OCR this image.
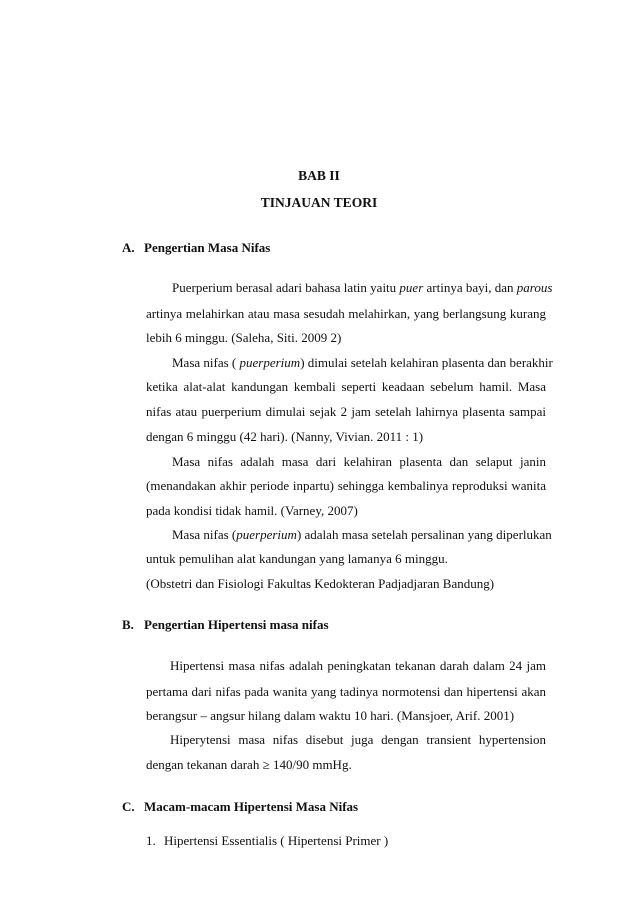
BAB II
TINJAUAN TEORI
A. Pengertian Masa Nifas
Puerperium berasal adari bahasa latin yaitu puer artinya bayi, dan parous
artinya melahirkan atau masa sesudah melahirkan, yang berlangsung kurang
lebih 6 minggu. (Saleha, Siti. 2009 2)
Masa nifas ( puerperium) dimulai setelah kelahiran plasenta dan berakhir
ketika alat-alat kandungan kembali seperti keadaan sebelum hamil. Masa
nifas atau puerperium dimulai sejak 2 jam setelah lahirnya plasenta sampai
dengan 6 minggu (42 hari). (Nanny, Vivian. 2011 : 1)
Masa nifas adalah masa dari kelahiran plasenta dan selaput janin
(menandakan akhir periode inpartu) sehingga kembalinya reproduksi wanita
pada kondisi tidak hamil. (Varney, 2007)
Masa nifas (puerperium) adalah masa setelah persalinan yang diperlukan
untuk pemulihan alat kandungan yang lamanya 6 minggu.
(Obstetri dan Fisiologi Fakultas Kedokteran Padjadjaran Bandung)
B. Pengertian Hipertensi masa nifas
Hipertensi masa nifas adalah peningkatan tekanan darah dalam 24 jam
pertama dari nifas pada wanita yang tadinya normotensi dan hipertensi akan
berangsur – angsur hilang dalam waktu 10 hari. (Mansjoer, Arif. 2001)
Hiperytensi masa nifas disebut juga dengan transient hypertension
dengan tekanan darah ≥ 140/90 mmHg.
C. Macam-macam Hipertensi Masa Nifas
1. Hipertensi Essentialis ( Hipertensi Primer )
